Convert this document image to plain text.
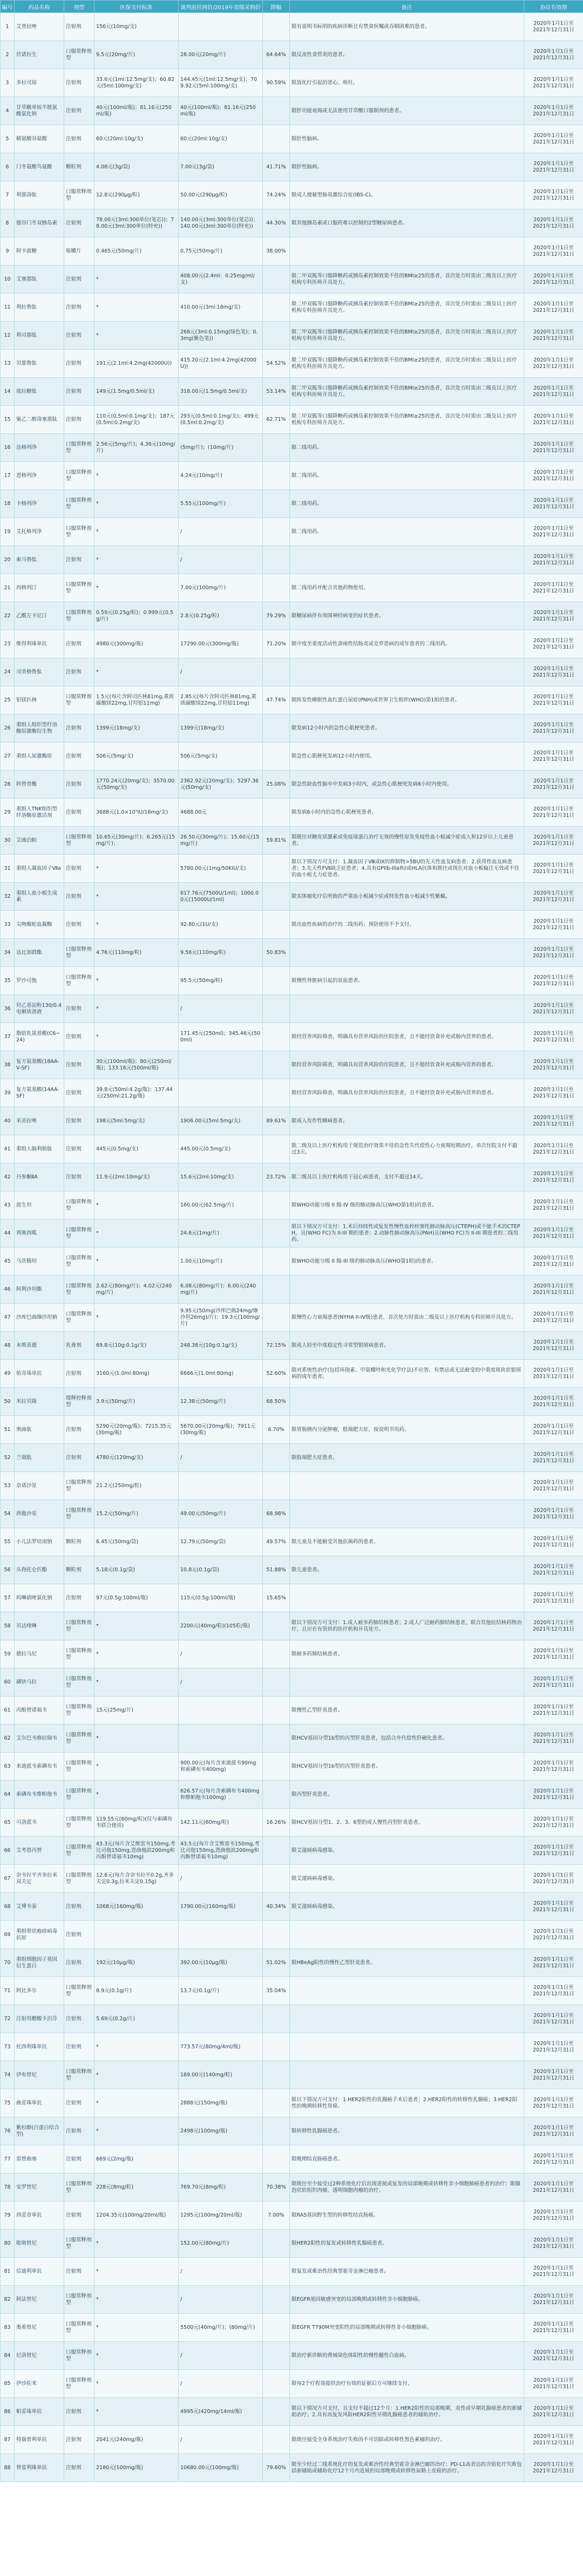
编号	药品名称	剂型	医保支付标准	谈判前挂网价/2019年省级采购价	降幅	备注	协议有效期
1	艾普拉唑	注射剂	156元(10mg/支)			限有说明书标明的疾病诊断且有禁食医嘱或吞咽困难的患者。	2020年1月1日至
2021年12月31日
2	伏诺拉生	口服常释剂型	9.5元(20mg/片)	28.00元(20mg/片)	64.64%	限反流性食管炎的患者。	2020年1月1日至
2021年12月31日
3	多拉司琼	注射剂	33.6元(1ml:12.5mg/支)；60.82元(5ml:100mg/支)	144.45元(1ml:12.5mg/支)；709.92元(5ml:100mg/支)	90.59%	限放化疗引起的恶心、呕吐。	2020年1月1日至
2021年12月31日
4	甘草酸单铵半胱氨酸氯化钠	注射剂	40元(100ml/瓶)；81.16元(250ml/瓶)	40元(100ml/瓶)；81.16元(250ml/瓶)		限肝功能衰竭或无法使用甘草酸口服制剂的患者。	2020年1月1日至
2021年12月31日
5	精氨酸谷氨酸	注射剂	60元(20ml:10g/支)	60元(20ml:10g/支)		限肝性脑病。	2020年1月1日至
2021年12月31日
6	门冬氨酸鸟氨酸	颗粒剂	4.08元(3g/袋)	7.00元(3g/袋)	41.71%	限肝性脑病。	2020年1月1日至
2021年12月31日
7	利那洛肽	口服常释剂型	12.8元(290μg/粒)	50.00元(290μg/粒)	74.24%	限成人便秘型肠易激综合征(IBS-C)。	2020年1月1日至
2021年12月31日
8	德谷门冬双胰岛素	注射剂	78.00元(3ml:300单位(笔芯))；78.00元(3ml:300单位(特充))	140.00元(3ml:300单位(笔芯))；140.00元(3ml:300单位(特充))	44.30%	限其他胰岛素或口服药难以控制的2型糖尿病患者。	2020年1月1日至
2021年12月31日
9	阿卡波糖	咀嚼片	0.465元(50mg/片)	0.75元(50mg/片)	38.00%		2020年1月1日至
2021年12月31日
10	艾塞那肽	注射剂	*	408.00元(2.4ml：0.25mg/ml/支)		限二甲双胍等口服降糖药或胰岛素控制效果不佳的BMI≥25的患者，首次处方时需由二级及以上医疗机构专科医师开具处方。	2020年1月1日至
2021年12月31日
11	利拉鲁肽	注射剂	*	410.00元(3ml:18mg/支)		限二甲双胍等口服降糖药或胰岛素控制效果不佳的BMI≥25的患者，首次处方时需由二级及以上医疗机构专科医师开具处方。	2020年1月1日至
2021年12月31日
12	利司那肽	注射剂	*	268元(3ml:0.15mg(绿色笔)；0.3mg(紫色笔))		限二甲双胍等口服降糖药或胰岛素控制效果不佳的BMI≥25的患者，首次处方时需由二级及以上医疗机构专科医师开具处方。	2020年1月1日至
2021年12月31日
13	贝那鲁肽	注射剂	191元(2.1ml:4.2mg(42000U))	415.20元(2.1ml:4.2mg(42000U))	54.52%	限二甲双胍等口服降糖药或胰岛素控制效果不佳的BMI≥25的患者，首次处方时需由二级及以上医疗机构专科医师开具处方。	2020年1月1日至
2021年12月31日
14	度拉糖肽	注射剂	149元(1.5mg/0.5ml/支)	318.00元(1.5mg/0.5ml/支)	53.14%	限二甲双胍等口服降糖药或胰岛素控制效果不佳的BMI≥25的患者，首次处方时需由二级及以上医疗机构专科医师开具处方。	2020年1月1日至
2021年12月31日
15	聚乙二醇洛塞那肽	注射剂	110元(0.5ml:0.1mg/支)；187元(0.5ml:0.2mg/支)	293元(0.5ml:0.1mg/支)；499元(0.5ml:0.2mg/支)	62.71%	限二甲双胍等口服降糖药或胰岛素控制效果不佳的BMI≥25的患者，首次处方时需由二级及以上医疗机构专科医师开具处方。	2020年1月1日至
2021年12月31日
16	达格列净	口服常释剂型	2.56元(5mg/片)；4.36元(10mg/片)	(5mg/片)；(10mg/片)		限二线用药。	2020年1月1日至
2021年12月31日
17	恩格列净	口服常释剂型	*	4.24元(10mg/片)		限二线用药。	2020年1月1日至
2021年12月31日
18	卡格列净	口服常释剂型	*	5.55元(100mg/片)		限二线用药。	2020年1月1日至
2021年12月31日
19	艾托格列净	口服常释剂型	*	/		限二线用药。	2020年1月1日至
2021年12月31日
20	索马鲁肽	注射剂	*	/			2020年1月1日至
2021年12月31日
21	西格列汀	口服常释剂型	*	7.00元(100mg/片)		限二线用药并配合其他药物使用。	2020年1月1日至
2021年12月31日
22	乙酰左卡尼汀	口服常释剂型	0.59元(0.25g/粒)；0.999元(0.5g/片)	2.8元(0.25g/粒)	79.29%	限糖尿病伴有周围神经病变的症状患者。	2020年1月1日至
2021年12月31日
23	维得利珠单抗	注射剂	4980元(300mg/瓶)	17290.00元(300mg/瓶)	71.20%	限中度至重度活动性溃疡性结肠炎或克罗恩病的成年患者的二线用药。	2020年1月1日至
2021年12月31日
24	司美格鲁肽	注射剂	*	/			2020年1月1日至
2021年12月31日
25	铝镁匹林	口服常释剂型	1.5元(每片含阿司匹林81mg,重质碳酸镁22mg,甘羟铝11mg)	2.85元(每片含阿司匹林81mg,重质碳酸镁22mg,甘羟铝11mg)	47.74%	限阵发性睡眠性血红蛋白尿症(PNH)或世界卫生组织(WHO)第1组的患者。	2020年1月1日至
2021年12月31日
26	重组人组织型纤溶酶原激酶衍生物	注射剂	1399元(18mg/支)	1399元(18mg/支)		限发病12小时内的急性心肌梗死患者。	2020年1月1日至
2021年12月31日
27	重组人尿激酶原	注射剂	506元(5mg/支)	506元(5mg/支)		限急性心肌梗死发病12小时内使用。	2020年1月1日至
2021年12月31日
28	阿替普酶	注射剂	1770.24元(20mg/支)；3570.00元(50mg/支)	2362.92元(20mg/支)；5297.36元(50mg/支)	25.08%	限急性缺血性脑卒中发病3小时内，或急性心肌梗死发病6小时内使用。	2020年1月1日至
2021年12月31日
29	重组人TNK组织型纤溶酶原激活剂	注射剂	3688元(1.0×10⁷IU/16mg/支)	4688.00元		限发病6小时内的急性心肌梗死患者。	2020年1月1日至
2021年12月31日
30	艾曲泊帕	口服常释剂型	10.65元(30mg/片)；6.265元(15mg/片)；	26.50元(30mg/片)；15.60元(15mg/片)	59.81%	限既往对糖皮质激素或免疫球蛋白治疗无效的慢性原发免疫性血小板减少症成人和12岁以上儿童患者。	2020年1月1日至
2021年12月31日
31	重组人凝血因子Ⅶa	注射剂	*	5780.00元(1mg/50KIU/支)		限以下情况方可支付：1.凝血因子Ⅷ或Ⅸ的抑制物>5BU的先天性血友病患者；2.获得性血友病患者；3.先天性FⅦ缺乏症患者；4.具有GPIIb-IIIa和/或HLA抗体和既往或现在对血小板输注无效或不佳的血小板无力症患者。	2020年1月1日至
2021年12月31日
32	重组人血小板生成素	注射剂	*	617.76元(7500U/1ml)；1000.00元(15000U/1ml)		限实体瘤化疗后所致的严重血小板减少症或特发性血小板减少性紫癜。	2020年1月1日至
2021年12月31日
33	尖吻蝮蛇血凝酶	注射剂	*	92.80元(1U/支)		限出血性疾病的治疗的二线用药；预防使用不予支付。	2020年1月1日至
2021年12月31日
34	达比加群酯	口服常释剂型	4.76元(110mg/粒)	9.56元(110mg/粒)	50.83%		2020年1月1日至
2021年12月31日
35	罗沙司他	口服常释剂型	*	95.5元(50mg/粒)		限慢性肾脏病引起的贫血患者。	2020年1月1日至
2021年12月31日
36	羟乙基淀粉130/0.4电解质溶液	注射剂	*	/			2020年1月1日至
2021年12月31日
37	脂肪乳氨基酸(C6~24)	注射剂	*	171.45元(250ml)；345.46元(500ml)		限经营养风险筛查，明确具有营养风险的住院患者，且不能经饮食补充或肠内营养的患者。	2020年1月1日至
2021年12月31日
38	复方氨基酸(18AA-V-SF)	注射剂	30元(100ml/瓶)；80元(250ml/瓶)；133.16元(500ml/瓶)			限经营养风险筛查，明确具有营养风险的住院患者，且不能经饮食补充或肠内营养的患者。	2020年1月1日至
2021年12月31日
39	复方氨基酸(14AA-SF)	注射剂	39.8元(50ml:4.2g/瓶)；137.44元(250ml:21.2g/瓶)			限经营养风险筛查，明确具有营养风险的住院患者，且不能经饮食补充或肠内营养的患者。	2020年1月1日至
2021年12月31日
40	米美拉唑	注射剂	198元(5ml:5mg/支)	1906.00元(5ml:5mg/支)	89.61%	限成人发作性睡病患者。	2020年1月1日至
2021年12月31日
41	重组人脑利钠肽	注射剂	445元(0.5mg/支)	445.00元(0.5mg/支)		限二级及以上医疗机构用于规范治疗效果不佳的急性失代偿性心力衰竭短期治疗，单次住院支付不超过3天。	2020年1月1日至
2021年12月31日
42	丹参酮ⅡA	注射剂	11.9元(2ml:10mg/支)	15.6元(2ml:10mg/支)	23.72%	限二级及以上医疗机构用于冠心病患者，支付不超过14天。	2020年1月1日至
2021年12月31日
43	波生坦	口服常释剂型	*	160.00元(62.5mg/片)		限WHO功能分级 II 级-IV 级的肺动脉高压(WHO第1组)的患者。	2020年1月1日至
2021年12月31日
44	利奥西呱	口服常释剂型	*	24.6元(1mg/片)		限以下情况方可支付：1.术后持续性或复发性慢性血栓栓塞性肺动脉高压(CTEPH)或不能手术的CTEPH，且(WHO FC)为 II-III 期的患者；2.动脉性肺动脉高压(PAH)且(WHO FC)为 II-III 期患者的二线用药。	2020年1月1日至
2021年12月31日
45	马昔腾坦	口服常释剂型	*	1.00元(10mg/片)		限WHO功能分级 II 级-III 级的肺动脉高压(WHO第1组)的患者。	2020年1月1日至
2021年12月31日
46	阿利沙坦酯	口服常释剂型	2.62元(80mg/片)；4.02元(240mg/片)	6.08元(80mg/片)；6.00元(240mg/片)			2020年1月1日至
2021年12月31日
47	沙库巴曲缬沙坦钠	口服常释剂型	*	9.95元(50mg(沙库巴曲24mg/缬沙坦26mg)/片)；19.3元(100mg/片)		限慢性心力衰竭患者(NYHA II-IV级)患者，首次处方时需由二级及以上医疗机构专科医师开具处方。	2020年1月1日至
2021年12月31日
48	本维莫德	乳膏剂	69.8元(10g:0.1g/支)	248.38元(10g:0.1g/支)	72.15%	限成人轻至中度稳定性寻常型银屑病患者。	2020年1月1日至
2021年12月31日
49	依奇珠单抗	注射剂	3160元(1.0ml:80mg)	6666元(1.0ml:80mg)	52.60%	限对系统性治疗(包括环孢素、甲氨蝶呤和光化学疗法)不应答、有禁忌或无法耐受的中重度斑块状银屑病的成年患者。	2020年1月1日至
2021年12月31日
50	米拉贝隆	缓释控释剂型	3.9元(50mg/片)	12.38元(50mg/片)	68.50%		2020年1月1日至
2021年12月31日
51	奥曲肽	注射剂	5290元(20mg/瓶)；7215.35元(30mg/瓶)	5670.00元(20mg/瓶)；7911元(30mg/瓶)	6.70%	限胃肠胰内分泌肿瘤，肢端肥大症，按说明书用药。	2020年1月1日至
2021年12月31日
52	兰瑞肽	注射剂	4780元(120mg/支)	/		限肢端肥大症患者。	2020年1月1日至
2021年12月31日
53	奈诺沙星	口服常释剂型	21.2元(250mg/粒)				2020年1月1日至
2021年12月31日
54	西他沙星	口服常释剂型	15.2元(50mg/片)	49.00元(50mg/片)	68.98%		2020年1月1日至
2021年12月31日
55	小儿法罗培南钠	颗粒剂	6.45元(50mg/袋)	12.79元(50mg/袋)	49.57%	限儿童及不能耐受其他抗菌药的患者。	2020年1月1日至
2021年12月31日
56	头孢托仑匹酯	颗粒剂	5.18元(0.1g/袋)	10.8元(0.1g/袋)	51.88%	限儿童患者。	2020年1月1日至
2021年12月31日
57	吗啉硝唑氯化钠	注射剂	97元(0.5g:100ml/瓶)	115元(0.5g:100ml/瓶)	15.65%		2020年1月1日至
2021年12月31日
58	贝达喹啉	口服常释剂型	*	2200元(40mg/粒)(105粒/瓶)		限以下情况方可支付：1.成人耐多药肺结核患者；2.成人广泛耐药肺结核患者，联合其他抗结核药物治疗，且应在有资质的医疗机构开具处方。	2020年1月1日至
2021年12月31日
59	德拉马尼	口服常释剂型	*	/		限耐多药肺结核患者。	2020年1月1日至
2021年12月31日
60	磷钬马拉	口服常释剂型	*	/			2020年1月1日至
2021年12月31日
61	丙酚替诺福韦	口服常释剂型	15元(25mg/片)			限慢性乙型肝炎患者。	2020年1月1日至
2021年12月31日
62	艾尔巴韦格拉瑞韦	口服常释剂型	*			限HCV基因分型1b型的丙型肝炎患者，包括合并代偿性肝硬化患者。	2020年1月1日至
2021年12月31日
63	来迪派韦索磷布韦	口服常释剂型	*	900.00元(每片含来迪派韦90mg和索磷布韦400mg)		限HCV基因分型1b型的丙型肝炎患者。	2020年1月1日至
2021年12月31日
64	索磷布韦维帕他韦	口服常释剂型	*	626.57元(每片含索磷布韦400mg和维帕他韦100mg)		限丙型肝炎患者。	2020年1月1日至
2021年12月31日
65	可洛派韦	口服常释剂型	119.55元(60mg/粒)(仅与索磷布韦联合使用)	142.11元(60mg/粒)	16.26%	限HCV基因分型1、2、3、6型的成人慢性丙型肝炎患者。	2020年1月1日至
2021年12月31日
66	艾考恩丙替	口服常释剂型	43.3元(每片含艾维雷韦150mg,考比司他150mg,恩曲他滨200mg和丙酚替诺福韦10mg)	43.5元(每片含艾维雷韦150mg,考比司他150mg,恩曲他滨200mg和丙酚替诺福韦10mg)		限艾滋病病毒感染。	2020年1月1日至
2021年12月31日
67	奈韦拉平齐多拉米双夫定	口服常释剂型	12.6元(每片含奈韦拉平0.2g,齐多夫定0.3g,拉米夫定0.15g)	/		限艾滋病病毒感染。	2020年1月1日至
2021年12月31日
68	艾博韦泰	注射剂	1068元(160mg/瓶)	1790.00元(160mg/瓶)	40.34%	限艾滋病病毒感染。	2020年1月1日至
2021年12月31日
69	重组带状疱疹病毒抗原	注射剂					2020年1月1日至
2021年12月31日
70	重组细胞因子基因衍生蛋白	注射剂	192元(10μg/瓶)	392.00元(10μg/瓶)	51.02%	限HBeAg阳性的慢性乙型肝炎患者。	2020年1月1日至
2021年12月31日
71	阿比多尔	口服常释剂型	8.9元(0.1g/片)	13.7元(0.1g/片)	35.04%		2020年1月1日至
2021年12月31日
72	注射用醋酸卡泊芬	注射剂	5.69元(0.2g/片)				2020年1月1日至
2021年12月31日
73	托西利珠单抗	注射剂	*	773.57元(80mg/4ml/瓶)			2020年1月1日至
2021年12月31日
74	伊布替尼	口服常释剂型	*	189.00元(140mg/粒)			2020年1月1日至
2021年12月31日
75	曲妥珠单抗	注射剂	*	2888元(150mg/瓶)		限以下情况方可支付：1.HER2阳性的乳腺癌手术后患者；2.HER2阳性的转移性乳腺癌；3.HER2阳性的晚期转移性胃癌。	2020年1月1日至
2021年12月31日
76	紫杉醇(白蛋白结合型)	注射剂	*	2498元(100mg/瓶)		限转移性乳腺癌患者。	2020年1月1日至
2021年12月31日
77	雷替曲塞	注射剂	669元(2mg/瓶)			限晚期结直肠癌患者。	2020年1月1日至
2021年12月31日
78	安罗替尼	口服常释剂型	228元(8mg/粒)	769.70元(8mg/粒)	70.38%	限既往至少接受过2种系统化疗后出现进展或复发的局部晚期或转移性非小细胞肺癌患者的治疗；限腺泡状软组织肉瘤、透明细胞肉瘤的治疗。	2020年1月1日至
2021年12月31日
79	西妥昔单抗	注射剂	1204.35元(100mg/20ml/瓶)	1295元(100mg/20ml/瓶)	7.00%	限RAS基因野生型的转移性结直肠癌。	2020年1月1日至
2021年12月31日
80	吡咯替尼	口服常释剂型	*	152.00元(80mg/片)		限HER2阳性的复发或转移性乳腺癌患者。	2020年1月1日至
2021年12月31日
81	信迪利单抗	注射剂	*	/		限复发或难治性经典型霍奇金淋巴瘤患者。	2020年1月1日至
2021年12月31日
82	阿法替尼	口服常释剂型	*	/		限EGFR基因敏感突变的局部晚期或转移性非小细胞肺癌。	2020年1月1日至
2021年12月31日
83	奥希替尼	口服常释剂型	*	5500元(40mg/片)；(80mg/片)		限EGFR T790M突变阳性的局部晚期或转移性非小细胞肺癌。	2020年1月1日至
2021年12月31日
84	尼洛替尼	口服常释剂型	*	/		限治疗新诊断的费城染色体阳性的慢性髓性白血病。	2020年1月1日至
2021年12月31日
85	伊沙佐米	口服常释剂型	*	/		限每2个疗程需提供治疗有效的证据后方可继续支付。	2020年1月1日至
2021年12月31日
86	帕妥珠单抗	注射剂	*	4995元(420mg/14ml/瓶)		限以下情况方可支付，且支付不超过12个月：1.HER2阳性的局部晚期、炎性或早期乳腺癌患者的新辅助治疗；2.具有高复发风险HER2阳性早期乳腺癌患者的辅助治疗。	2020年1月1日至
2021年12月31日
87	特瑞普利单抗	注射剂	2041元(240mg/瓶)	/		限既往接受全身系统治疗失败的不可切除或转移性黑色素瘤的治疗。	2020年1月1日至
2021年12月31日
88	替雷利珠单抗	注射剂	2180元(100mg/瓶)	10680.00元(100mg/瓶)	79.60%	限至少经过二线系统化疗的复发或难治性经典型霍奇金淋巴瘤的治疗；PD-L1高表达的含铂化疗失败包括新辅助或辅助化疗12个月内进展的局部晚期或转移性尿路上皮癌的治疗。	2020年1月1日至
2021年12月31日
